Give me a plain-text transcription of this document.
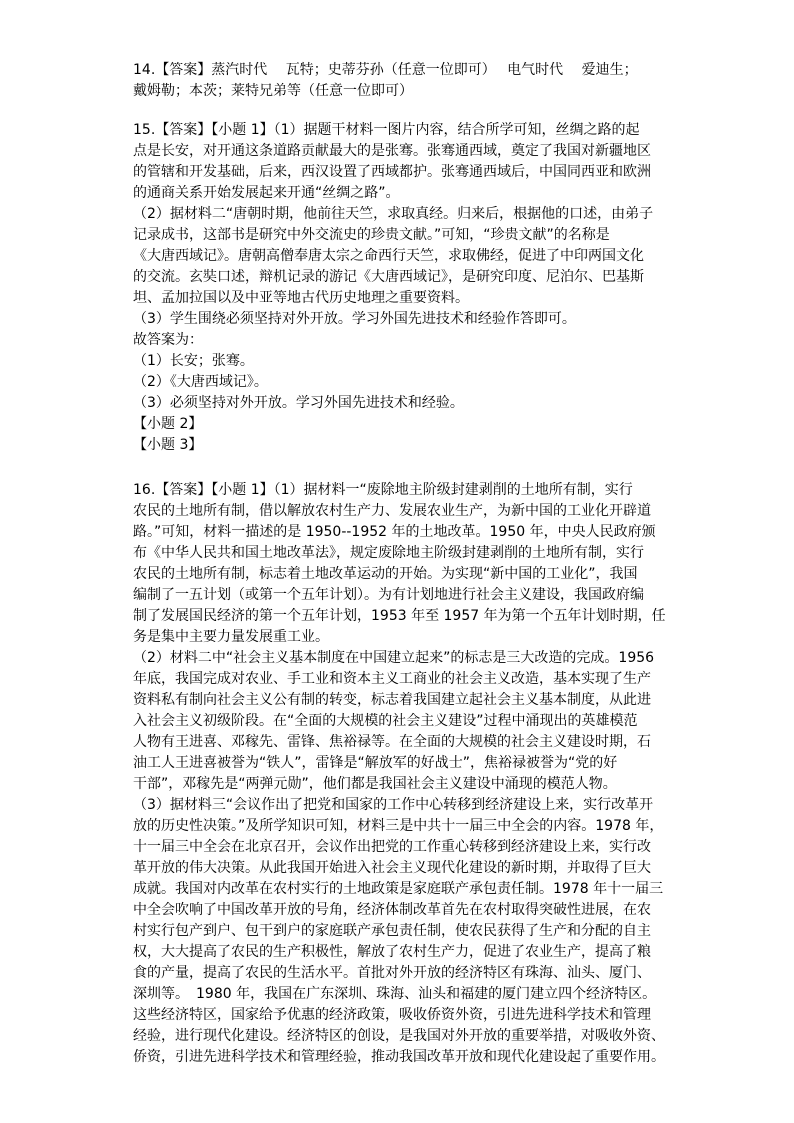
14.【答案】蒸汽时代　 瓦特；史蒂芬孙（任意一位即可）　 电气时代　 爱迪生；
戴姆勒；本茨；莱特兄弟等（任意一位即可）

15.【答案】【小题 1】（1）据题干材料一图片内容，结合所学可知，丝绸之路的起
点是长安，对开通这条道路贡献最大的是张骞。张骞通西域，奠定了我国对新疆地区
的管辖和开发基础，后来，西汉设置了西域都护。张骞通西域后，中国同西亚和欧洲
的通商关系开始发展起来开通“丝绸之路”。
（2）据材料二“唐朝时期，他前往天竺，求取真经。归来后，根据他的口述，由弟子
记录成书，这部书是研究中外交流史的珍贵文献。”可知，“珍贵文献”的名称是
《大唐西域记》。唐朝高僧奉唐太宗之命西行天竺，求取佛经，促进了中印两国文化
的交流。玄奘口述，辩机记录的游记《大唐西域记》，是研究印度、尼泊尔、巴基斯
坦、孟加拉国以及中亚等地古代历史地理之重要资料。
（3）学生围绕必须坚持对外开放。学习外国先进技术和经验作答即可。
故答案为：
（1）长安；张骞。
（2）《大唐西域记》。
（3）必须坚持对外开放。学习外国先进技术和经验。
【小题 2】
【小题 3】

16.【答案】【小题 1】（1）据材料一“废除地主阶级封建剥削的土地所有制，实行
农民的土地所有制，借以解放农村生产力、发展农业生产，为新中国的工业化开辟道
路。”可知，材料一描述的是 1950--1952 年的土地改革。1950 年，中央人民政府颁
布《中华人民共和国土地改革法》，规定废除地主阶级封建剥削的土地所有制，实行
农民的土地所有制，标志着土地改革运动的开始。为实现“新中国的工业化”，我国
编制了一五计划（或第一个五年计划）。为有计划地进行社会主义建设，我国政府编
制了发展国民经济的第一个五年计划，1953 年至 1957 年为第一个五年计划时期，任
务是集中主要力量发展重工业。
（2）材料二中“社会主义基本制度在中国建立起来”的标志是三大改造的完成。1956
年底，我国完成对农业、手工业和资本主义工商业的社会主义改造，基本实现了生产
资料私有制向社会主义公有制的转变，标志着我国建立起社会主义基本制度，从此进
入社会主义初级阶段。在“全面的大规模的社会主义建设”过程中涌现出的英雄模范
人物有王进喜、邓稼先、雷锋、焦裕禄等。在全面的大规模的社会主义建设时期，石
油工人王进喜被誉为“铁人”，雷锋是“解放军的好战士”，焦裕禄被誉为“党的好
干部”，邓稼先是“两弹元勋”，他们都是我国社会主义建设中涌现的模范人物。
（3）据材料三“会议作出了把党和国家的工作中心转移到经济建设上来，实行改革开
放的历史性决策。”及所学知识可知，材料三是中共十一届三中全会的内容。1978 年，
十一届三中全会在北京召开，会议作出把党的工作重心转移到经济建设上来，实行改
革开放的伟大决策。从此我国开始进入社会主义现代化建设的新时期，并取得了巨大
成就。我国对内改革在农村实行的土地政策是家庭联产承包责任制。1978 年十一届三
中全会吹响了中国改革开放的号角，经济体制改革首先在农村取得突破性进展，在农
村实行包产到户、包干到户的家庭联产承包责任制，使农民获得了生产和分配的自主
权，大大提高了农民的生产积极性，解放了农村生产力，促进了农业生产，提高了粮
食的产量，提高了农民的生活水平。首批对外开放的经济特区有珠海、汕头、厦门、
深圳等。　1980 年，我国在广东深圳、珠海、汕头和福建的厦门建立四个经济特区。
这些经济特区，国家给予优惠的经济政策，吸收侨资外资，引进先进科学技术和管理
经验，进行现代化建设。经济特区的创设，是我国对外开放的重要举措，对吸收外资、
侨资，引进先进科学技术和管理经验，推动我国改革开放和现代化建设起了重要作用。
